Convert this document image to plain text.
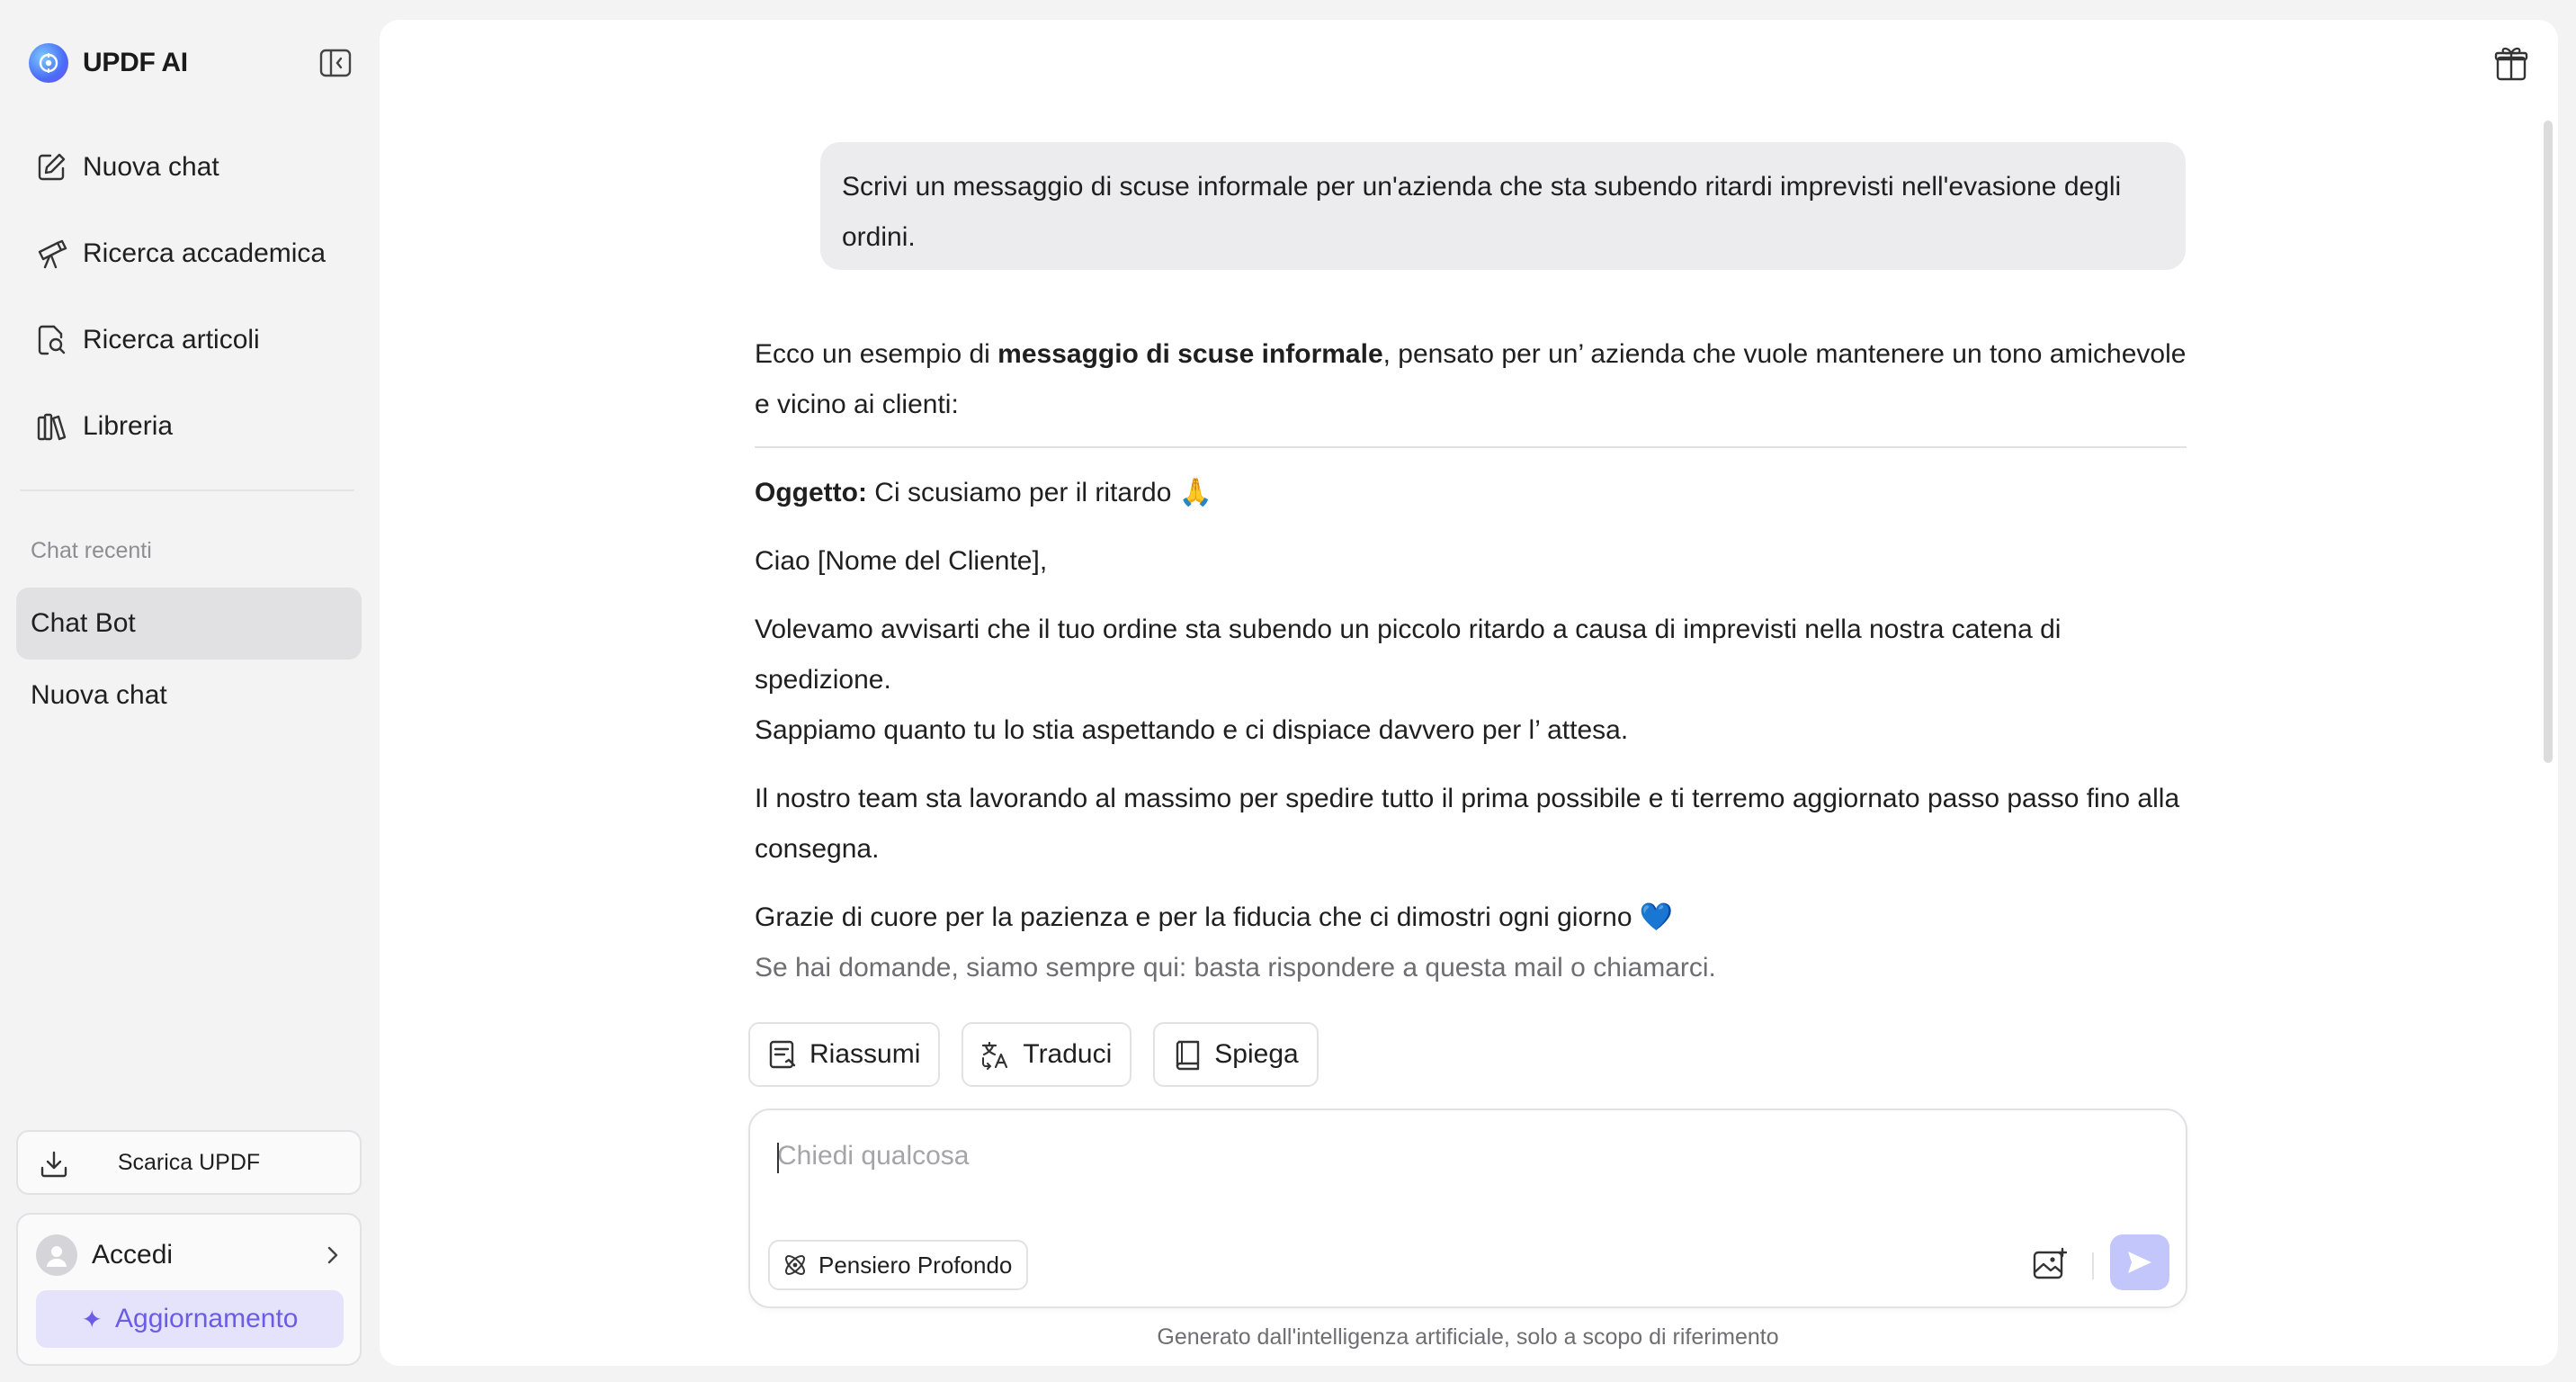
UPDF AI
Nuova chat
Ricerca accademica
Ricerca articoli
Libreria
Chat recenti
Chat Bot
Nuova chat
Scarica UPDF
Accedi
✦ Aggiornamento
Scrivi un messaggio di scuse informale per un'azienda che sta subendo ritardi imprevisti nell'evasione degli ordini.

Ecco un esempio di messaggio di scuse informale, pensato per un’ azienda che vuole mantenere un tono amichevole e vicino ai clienti:

Oggetto: Ci scusiamo per il ritardo 🙏

Ciao [Nome del Cliente],

Volevamo avvisarti che il tuo ordine sta subendo un piccolo ritardo a causa di imprevisti nella nostra catena di spedizione.

Sappiamo quanto tu lo stia aspettando e ci dispiace davvero per l’ attesa.

Il nostro team sta lavorando al massimo per spedire tutto il prima possibile e ti terremo aggiornato passo passo fino alla consegna.

Grazie di cuore per la pazienza e per la fiducia che ci dimostri ogni giorno 💙

Se hai domande, siamo sempre qui: basta rispondere a questa mail o chiamarci.

Riassumi	Traduci	Spiega
Chiedi qualcosa
Pensiero Profondo
Generato dall'intelligenza artificiale, solo a scopo di riferimento
